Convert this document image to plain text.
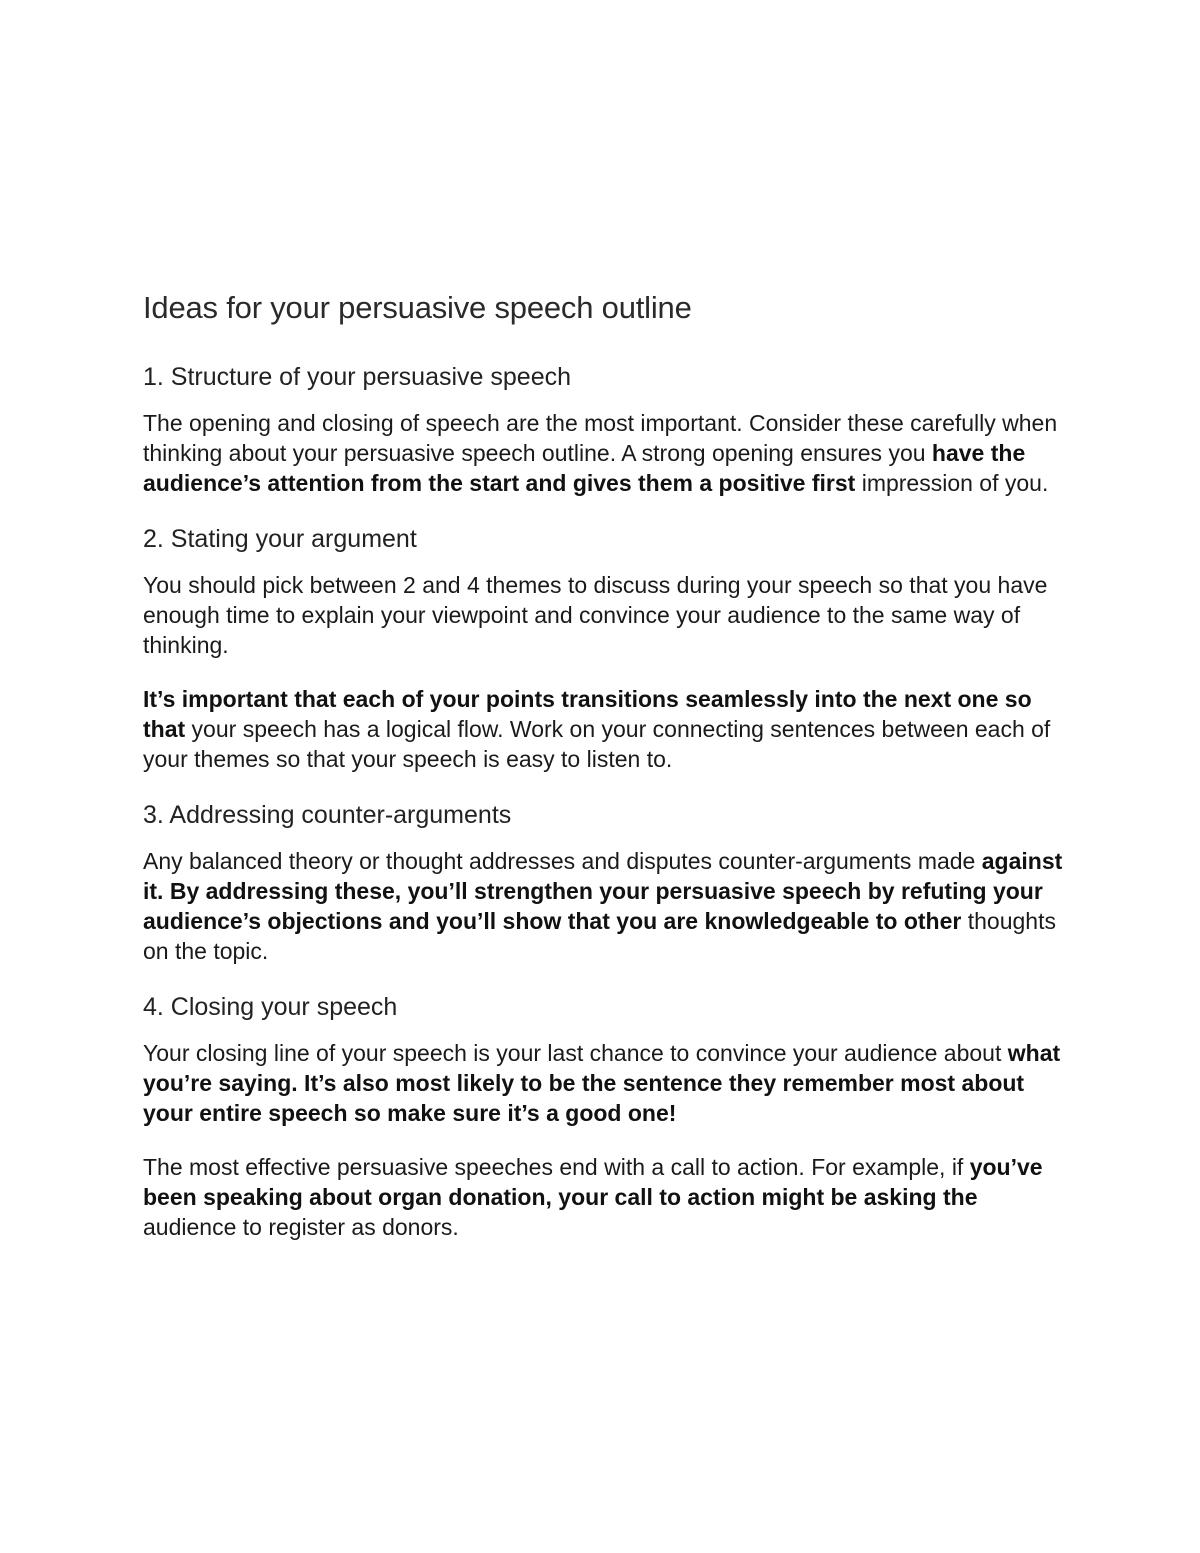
Ideas for your persuasive speech outline
1. Structure of your persuasive speech

The opening and closing of speech are the most important. Consider these carefully when thinking about your persuasive speech outline. A strong opening ensures you have the audience’s attention from the start and gives them a positive first impression of you.

2. Stating your argument

You should pick between 2 and 4 themes to discuss during your speech so that you have enough time to explain your viewpoint and convince your audience to the same way of thinking.

It’s important that each of your points transitions seamlessly into the next one so that your speech has a logical flow. Work on your connecting sentences between each of your themes so that your speech is easy to listen to.

3. Addressing counter-arguments

Any balanced theory or thought addresses and disputes counter-arguments made against it. By addressing these, you’ll strengthen your persuasive speech by refuting your audience’s objections and you’ll show that you are knowledgeable to other thoughts on the topic.

4. Closing your speech

Your closing line of your speech is your last chance to convince your audience about what you’re saying. It’s also most likely to be the sentence they remember most about your entire speech so make sure it’s a good one!

The most effective persuasive speeches end with a call to action. For example, if you’ve been speaking about organ donation, your call to action might be asking the audience to register as donors.
